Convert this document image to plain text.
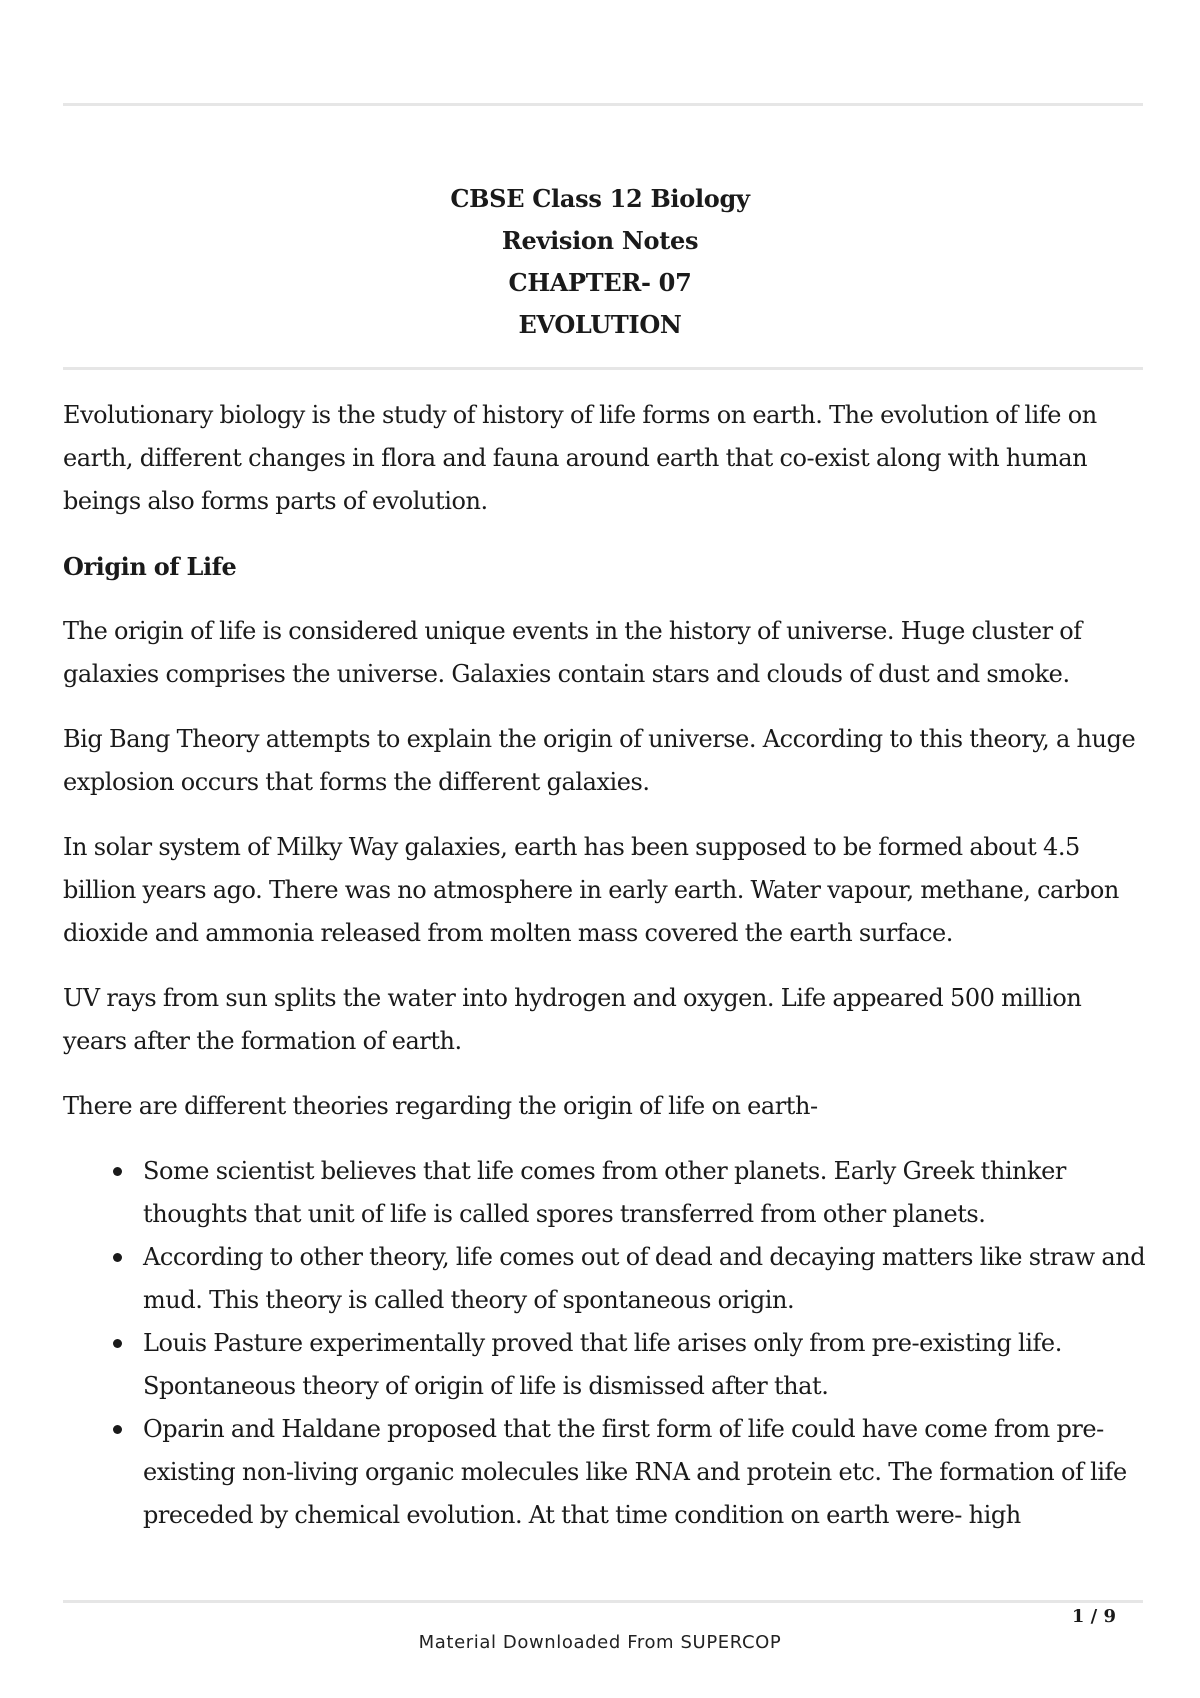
CBSE Class 12 Biology
Revision Notes
CHAPTER- 07
EVOLUTION

Evolutionary biology is the study of history of life forms on earth. The evolution of life on earth, different changes in flora and fauna around earth that co-exist along with human beings also forms parts of evolution.

Origin of Life

The origin of life is considered unique events in the history of universe. Huge cluster of galaxies comprises the universe. Galaxies contain stars and clouds of dust and smoke.

Big Bang Theory attempts to explain the origin of universe. According to this theory, a huge explosion occurs that forms the different galaxies.

In solar system of Milky Way galaxies, earth has been supposed to be formed about 4.5 billion years ago. There was no atmosphere in early earth. Water vapour, methane, carbon dioxide and ammonia released from molten mass covered the earth surface.

UV rays from sun splits the water into hydrogen and oxygen. Life appeared 500 million years after the formation of earth.

There are different theories regarding the origin of life on earth-

Some scientist believes that life comes from other planets. Early Greek thinker thoughts that unit of life is called spores transferred from other planets.
According to other theory, life comes out of dead and decaying matters like straw and mud. This theory is called theory of spontaneous origin.
Louis Pasture experimentally proved that life arises only from pre-existing life. Spontaneous theory of origin of life is dismissed after that.
Oparin and Haldane proposed that the first form of life could have come from pre-existing non-living organic molecules like RNA and protein etc. The formation of life preceded by chemical evolution. At that time condition on earth were- high
1 / 9
Material Downloaded From SUPERCOP
